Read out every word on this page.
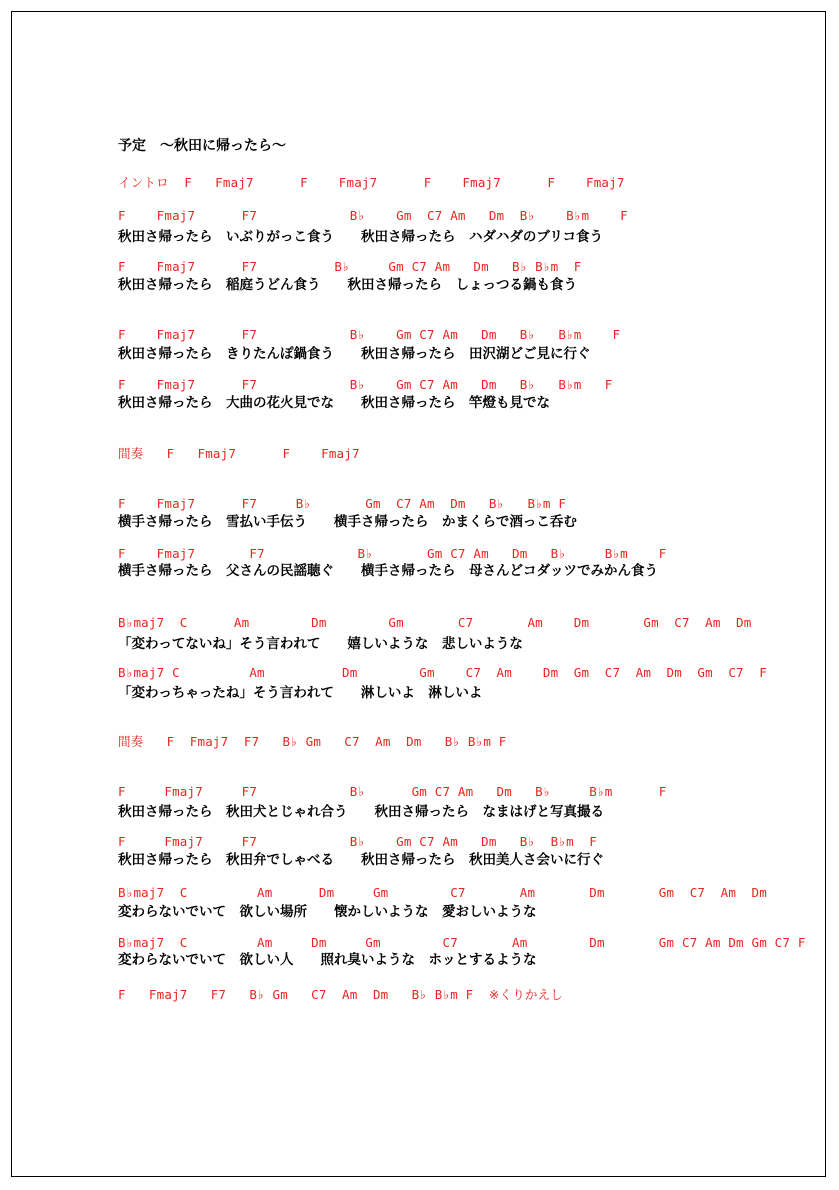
予定　～秋田に帰ったら～
イントロ  F   Fmaj7      F    Fmaj7      F    Fmaj7      F    Fmaj7
F    Fmaj7      F7            B♭    Gm  C7 Am   Dm  B♭    B♭m    F
秋田さ帰ったら　いぶりがっこ食う　　秋田さ帰ったら　ハダハダのブリコ食う
F    Fmaj7      F7          B♭     Gm C7 Am   Dm   B♭ B♭m  F
秋田さ帰ったら　稲庭うどん食う　　秋田さ帰ったら　しょっつる鍋も食う
F    Fmaj7      F7            B♭    Gm C7 Am   Dm   B♭   B♭m    F
秋田さ帰ったら　きりたんぽ鍋食う　　秋田さ帰ったら　田沢湖どご見に行ぐ
F    Fmaj7      F7            B♭    Gm C7 Am   Dm   B♭   B♭m   F
秋田さ帰ったら　大曲の花火見でな　　秋田さ帰ったら　竿燈も見でな
間奏   F   Fmaj7      F    Fmaj7
F    Fmaj7      F7     B♭       Gm  C7 Am  Dm   B♭   B♭m F
横手さ帰ったら　雪払い手伝う　　横手さ帰ったら　かまくらで酒っこ呑む
F    Fmaj7       F7            B♭       Gm C7 Am   Dm   B♭     B♭m    F
横手さ帰ったら　父さんの民謡聴ぐ　　横手さ帰ったら　母さんどコダッツでみかん食う
B♭maj7  C      Am        Dm        Gm       C7       Am    Dm       Gm  C7  Am  Dm
「変わってないね」そう言われて　　嬉しいような　悲しいような
B♭maj7 C         Am          Dm        Gm    C7  Am    Dm  Gm  C7  Am  Dm  Gm  C7  F
「変わっちゃったね」そう言われて　　淋しいよ　淋しいよ
間奏   F  Fmaj7  F7   B♭ Gm   C7  Am  Dm   B♭ B♭m F
F     Fmaj7     F7            B♭      Gm C7 Am   Dm   B♭     B♭m      F
秋田さ帰ったら　秋田犬とじゃれ合う　　秋田さ帰ったら　なまはげと写真撮る
F     Fmaj7     F7            B♭    Gm C7 Am   Dm   B♭  B♭m  F
秋田さ帰ったら　秋田弁でしゃべる　　秋田さ帰ったら　秋田美人さ会いに行ぐ
B♭maj7  C         Am      Dm     Gm        C7       Am       Dm       Gm  C7  Am  Dm
変わらないでいて　欲しい場所　　懐かしいような　愛おしいような
B♭maj7  C         Am     Dm     Gm        C7       Am        Dm       Gm C7 Am Dm Gm C7 F
変わらないでいて　欲しい人　　照れ臭いような　ホッとするような
F   Fmaj7   F7   B♭ Gm   C7  Am  Dm   B♭ B♭m F  ※くりかえし
